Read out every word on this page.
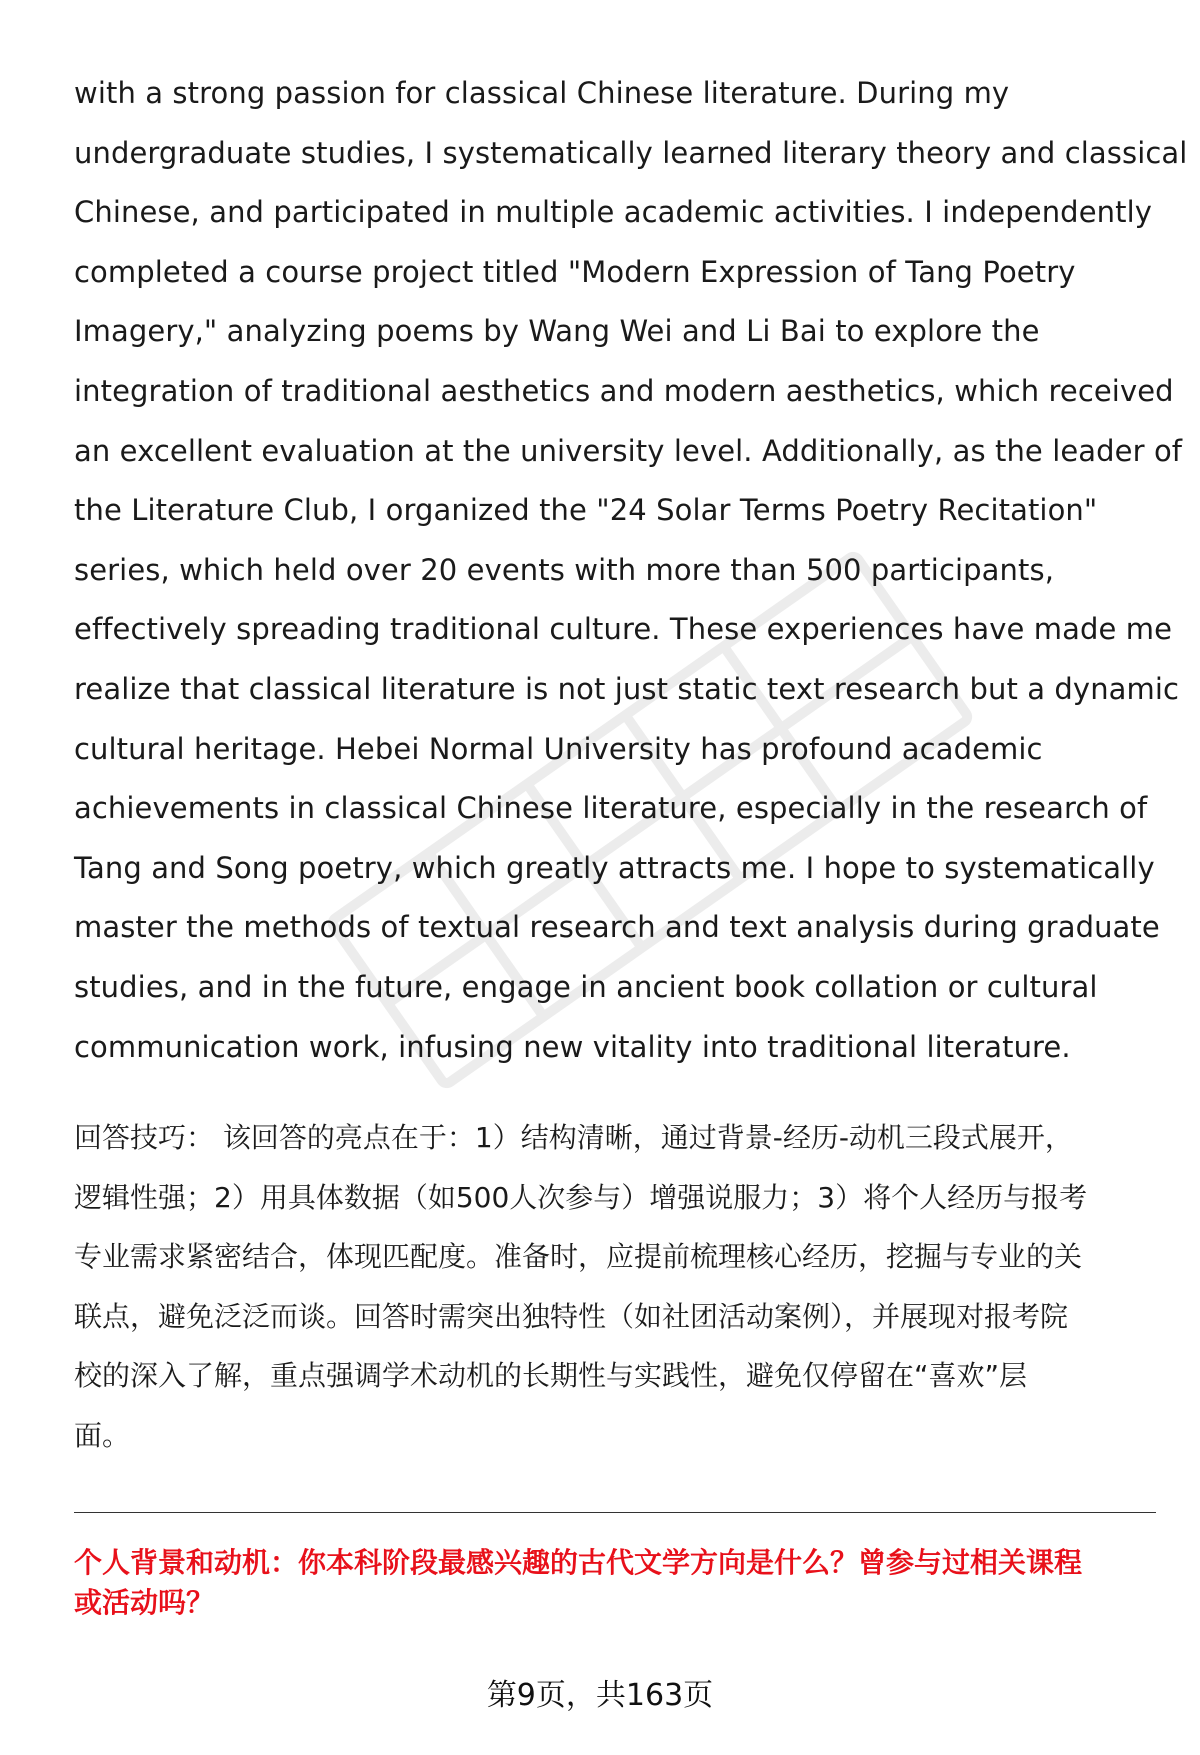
with a strong passion for classical Chinese literature. During my
undergraduate studies, I systematically learned literary theory and classical
Chinese, and participated in multiple academic activities. I independently
completed a course project titled "Modern Expression of Tang Poetry
Imagery," analyzing poems by Wang Wei and Li Bai to explore the
integration of traditional aesthetics and modern aesthetics, which received
an excellent evaluation at the university level. Additionally, as the leader of
the Literature Club, I organized the "24 Solar Terms Poetry Recitation"
series, which held over 20 events with more than 500 participants,
effectively spreading traditional culture. These experiences have made me
realize that classical literature is not just static text research but a dynamic
cultural heritage. Hebei Normal University has profound academic
achievements in classical Chinese literature, especially in the research of
Tang and Song poetry, which greatly attracts me. I hope to systematically
master the methods of textual research and text analysis during graduate
studies, and in the future, engage in ancient book collation or cultural
communication work, infusing new vitality into traditional literature.
回答技巧： 该回答的亮点在于：1）结构清晰，通过背景-经历-动机三段式展开，
逻辑性强；2）用具体数据（如500人次参与）增强说服力；3）将个人经历与报考
专业需求紧密结合，体现匹配度。准备时，应提前梳理核心经历，挖掘与专业的关
联点，避免泛泛而谈。回答时需突出独特性（如社团活动案例），并展现对报考院
校的深入了解，重点强调学术动机的长期性与实践性，避免仅停留在“喜欢”层
面。
个人背景和动机：你本科阶段最感兴趣的古代文学方向是什么？曾参与过相关课程
或活动吗？
第9页，共163页
